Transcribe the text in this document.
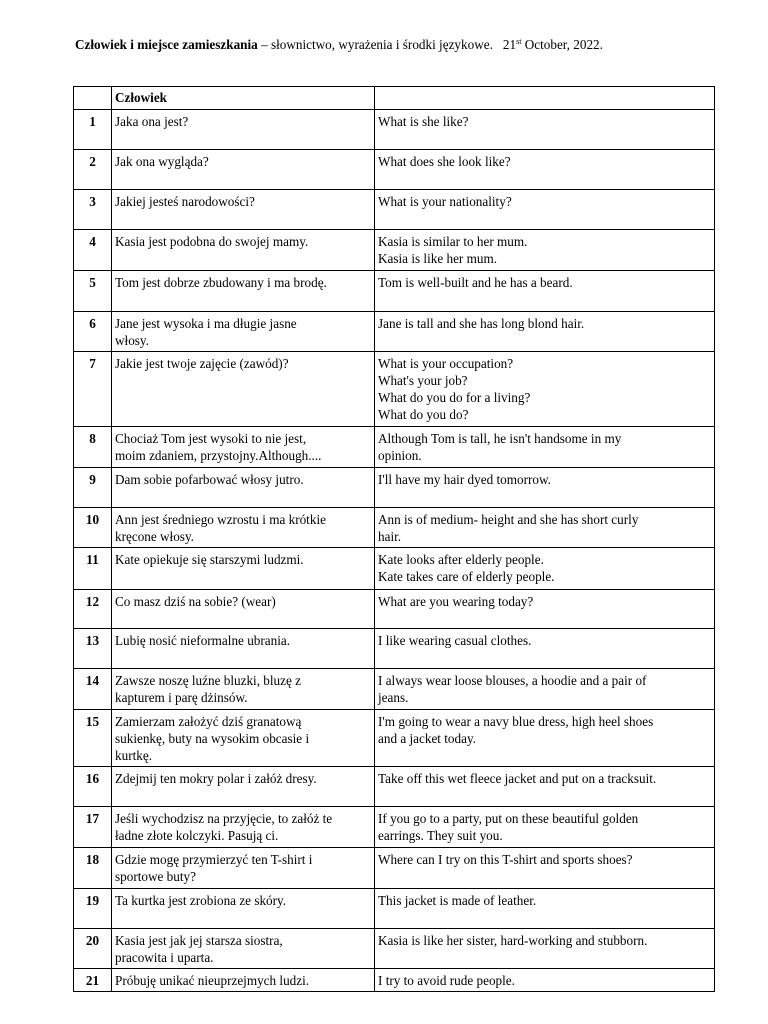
Człowiek i miejsce zamieszkania – słownictwo, wyrażenia i środki językowe. 21st October, 2022.
	Człowiek	
1	Jaka ona jest?	What is she like?
2	Jak ona wygląda?	What does she look like?
3	Jakiej jesteś narodowości?	What is your nationality?
4	Kasia jest podobna do swojej mamy.	Kasia is similar to her mum.
Kasia is like her mum.
5	Tom jest dobrze zbudowany i ma brodę.	Tom is well-built and he has a beard.
6	Jane jest wysoka i ma długie jasne
włosy.	Jane is tall and she has long blond hair.
7	Jakie jest twoje zajęcie (zawód)?	What is your occupation?
What's your job?
What do you do for a living?
What do you do?
8	Chociaż Tom jest wysoki to nie jest,
moim zdaniem, przystojny.Although....	Although Tom is tall, he isn't handsome in my
opinion.
9	Dam sobie pofarbować włosy jutro.	I'll have my hair dyed tomorrow.
10	Ann jest średniego wzrostu i ma krótkie
kręcone włosy.	Ann is of medium- height and she has short curly
hair.
11	Kate opiekuje się starszymi ludzmi.	Kate looks after elderly people.
Kate takes care of elderly people.
12	Co masz dziś na sobie? (wear)	What are you wearing today?
13	Lubię nosić nieformalne ubrania.	I like wearing casual clothes.
14	Zawsze noszę luźne bluzki, bluzę z
kapturem i parę dżinsów.	I always wear loose blouses, a hoodie and a pair of
jeans.
15	Zamierzam założyć dziś granatową
sukienkę, buty na wysokim obcasie i
kurtkę.	I'm going to wear a navy blue dress, high heel shoes
and a jacket today.
16	Zdejmij ten mokry polar i załóż dresy.	Take off this wet fleece jacket and put on a tracksuit.
17	Jeśli wychodzisz na przyjęcie, to załóż te
ładne złote kolczyki. Pasują ci.	If you go to a party, put on these beautiful golden
earrings. They suit you.
18	Gdzie mogę przymierzyć ten T-shirt i
sportowe buty?	Where can I try on this T-shirt and sports shoes?
19	Ta kurtka jest zrobiona ze skóry.	This jacket is made of leather.
20	Kasia jest jak jej starsza siostra,
pracowita i uparta.	Kasia is like her sister, hard-working and stubborn.
21	Próbuję unikać nieuprzejmych ludzi.	I try to avoid rude people.
